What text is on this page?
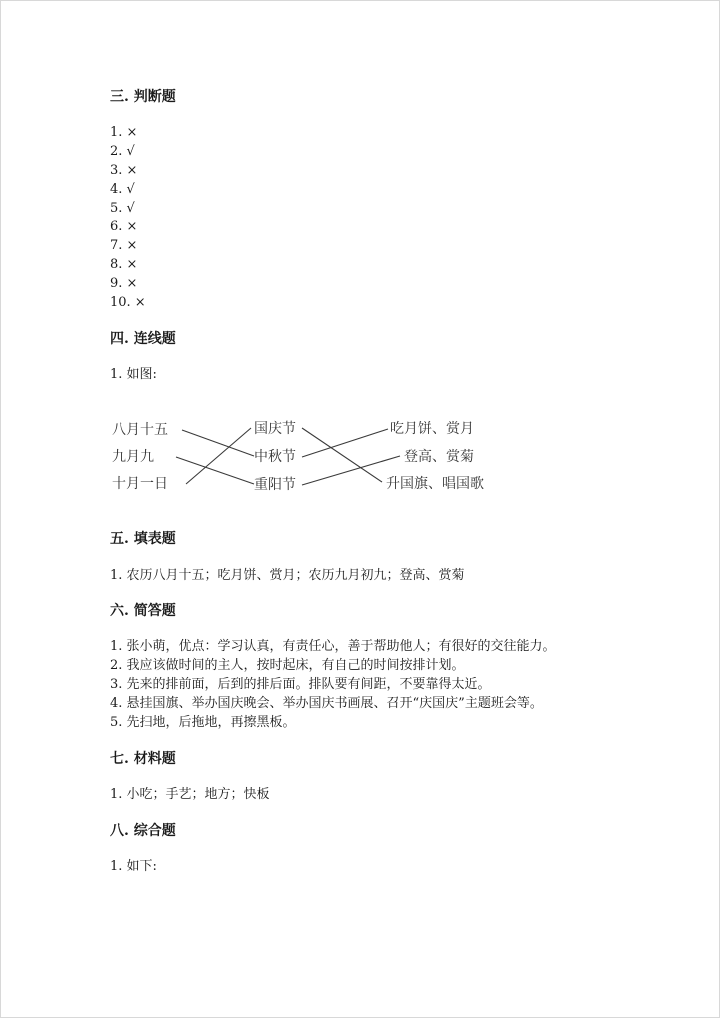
三. 判断题
1. ×
2. √
3. ×
4. √
5. √
6. ×
7. ×
8. ×
9. ×
10. ×
四. 连线题
1. 如图:
八月十五
九月九
十月一日
国庆节
中秋节
重阳节
吃月饼、赏月
登高、赏菊
升国旗、唱国歌
五. 填表题
1. 农历八月十五；吃月饼、赏月；农历九月初九；登高、赏菊
六. 简答题
1. 张小萌，优点：学习认真，有责任心，善于帮助他人；有很好的交往能力。
2. 我应该做时间的主人，按时起床，有自己的时间按排计划。
3. 先来的排前面，后到的排后面。排队要有间距，不要靠得太近。
4. 悬挂国旗、举办国庆晚会、举办国庆书画展、召开“庆国庆”主题班会等。
5. 先扫地，后拖地，再擦黑板。
七. 材料题
1. 小吃；手艺；地方；快板
八. 综合题
1. 如下:
